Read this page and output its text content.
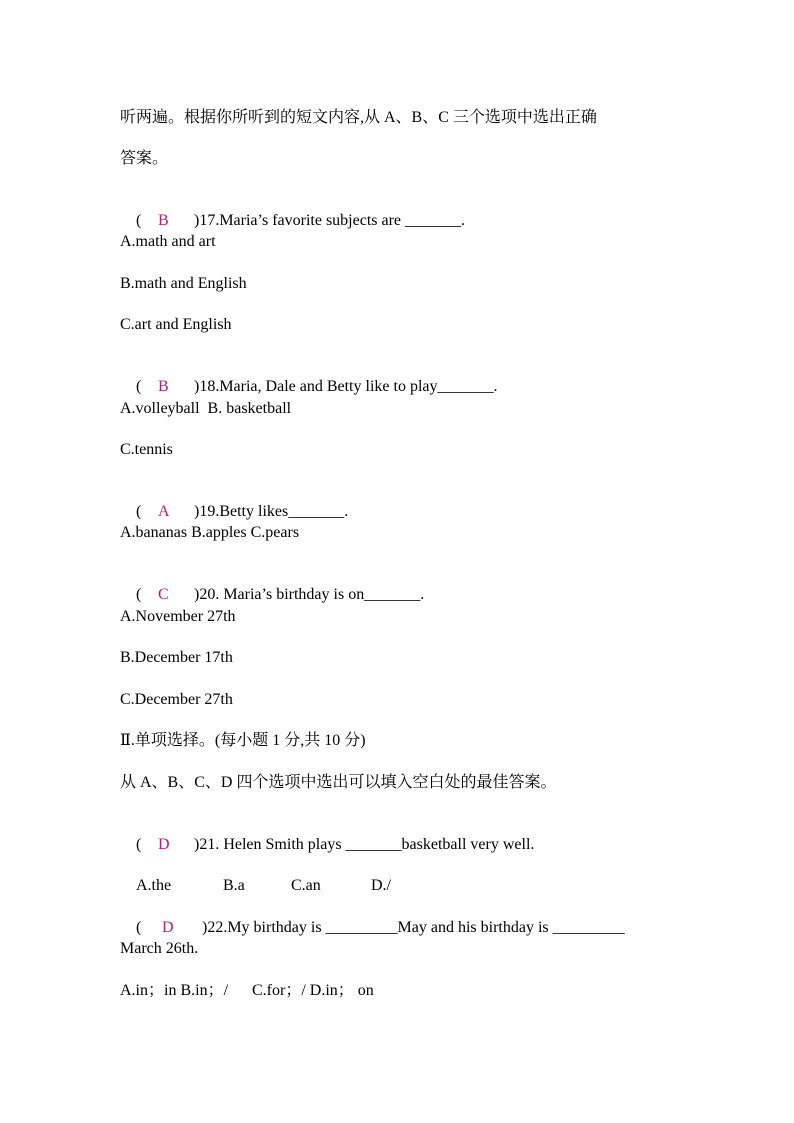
听两遍。根据你所听到的短文内容,从 A、B、C 三个选项中选出正确
答案。

( B )17.Maria’s favorite subjects are _______.

A.math and art
B.math and English
C.art and English

( B )18.Maria, Dale and Betty like to play_______.

A.volleyball  B. basketball
C.tennis

( A )19.Betty likes_______.

A.bananas B.apples C.pears

( C )20. Maria’s birthday is on_______.

A.November 27th
B.December 17th
C.December 27th
Ⅱ.单项选择。(每小题 1 分,共 10 分)
从 A、B、C、D 四个选项中选出可以填入空白处的最佳答案。

( D )21. Helen Smith plays _______basketball very well.

A.the	B.a	C.an	D./

( D )22.My birthday is _________May and his birthday is _________

March 26th.
A.in；in B.in；/      C.for；/ D.in； on
